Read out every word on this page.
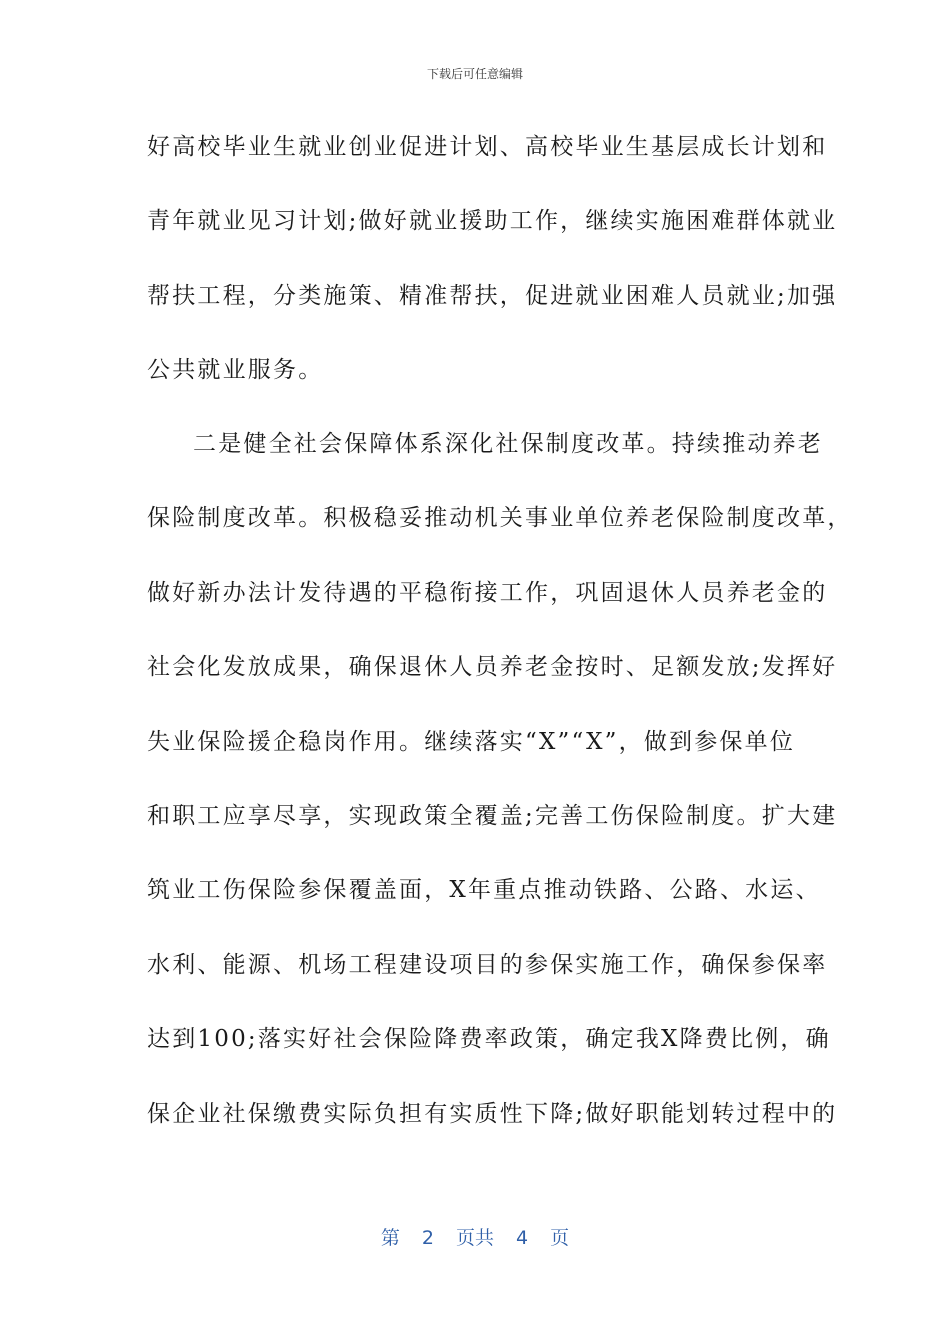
下载后可任意编辑
好高校毕业生就业创业促进计划、高校毕业生基层成长计划和
青年就业见习计划;做好就业援助工作，继续实施困难群体就业
帮扶工程，分类施策、精准帮扶，促进就业困难人员就业;加强
公共就业服务。
二是健全社会保障体系深化社保制度改革。持续推动养老
保险制度改革。积极稳妥推动机关事业单位养老保险制度改革，
做好新办法计发待遇的平稳衔接工作，巩固退休人员养老金的
社会化发放成果，确保退休人员养老金按时、足额发放;发挥好
失业保险援企稳岗作用。继续落实“X”“X”，做到参保单位
和职工应享尽享，实现政策全覆盖;完善工伤保险制度。扩大建
筑业工伤保险参保覆盖面，X年重点推动铁路、公路、水运、
水利、能源、机场工程建设项目的参保实施工作，确保参保率
达到100;落实好社会保险降费率政策，确定我X降费比例，确
保企业社保缴费实际负担有实质性下降;做好职能划转过程中的
第 2 页共 4 页
